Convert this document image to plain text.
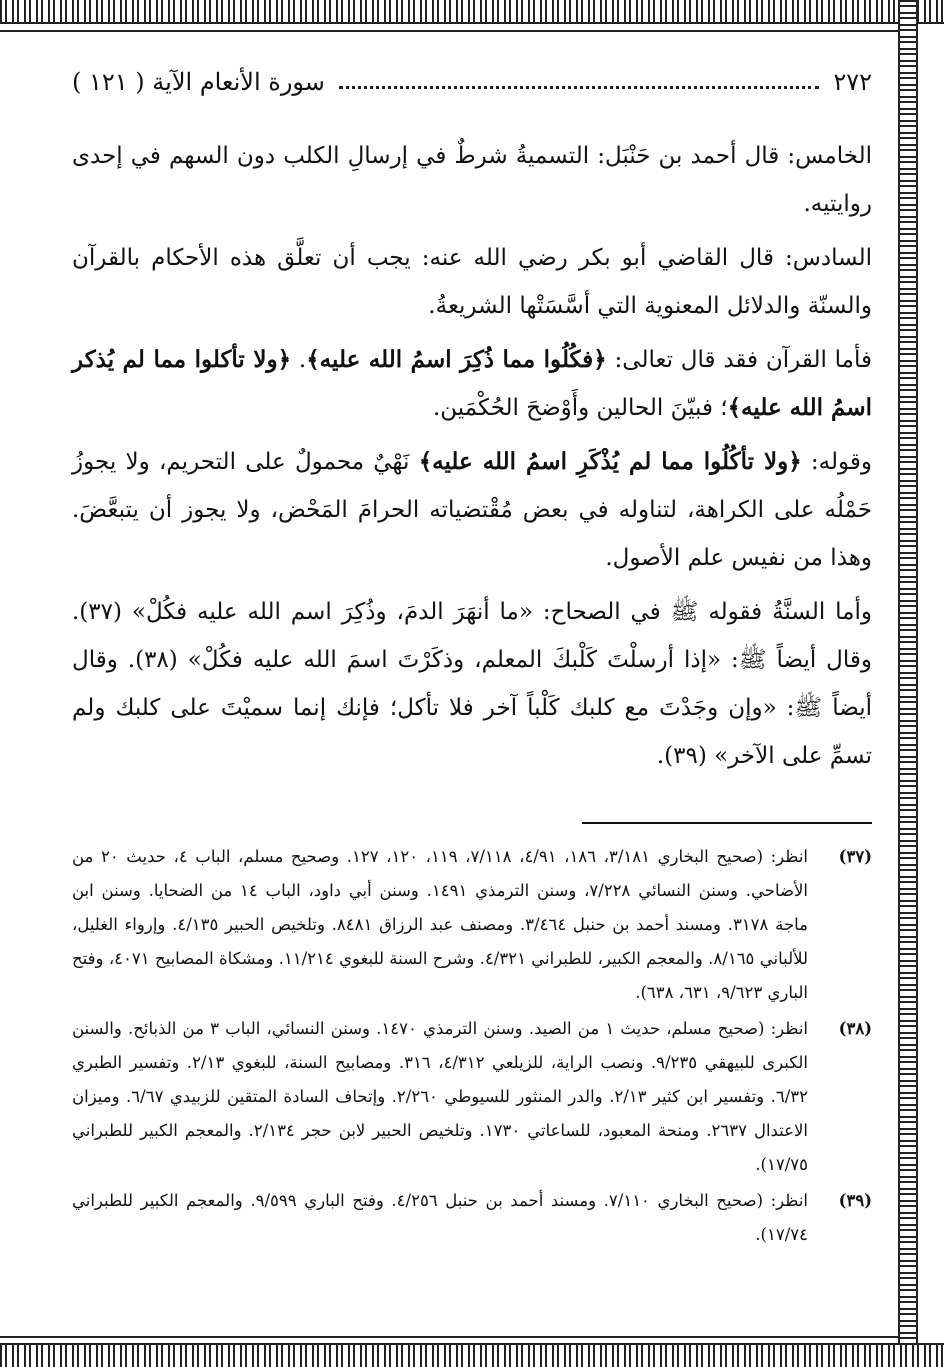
٢٧٢
سورة الأنعام الآية ( ١٢١ )

الخامس: قال أحمد بن حَنْبَل: التسميةُ شرطٌ في إرسالِ الكلب دون السهم في إحدى روايتيه.

السادس: قال القاضي أبو بكر رضي الله عنه: يجب أن تعلَّق هذه الأحكام بالقرآن والسنّة والدلائل المعنوية التي أسَّسَتْها الشريعةُ.

فأما القرآن فقد قال تعالى: ﴿فكُلُوا مما ذُكِرَ اسمُ الله عليه﴾. ﴿ولا تأكلوا مما لم يُذكر اسمُ الله عليه﴾؛ فبيّنَ الحالين وأَوْضحَ الحُكْمَين.

وقوله: ﴿ولا تأكُلُوا مما لم يُذْكَرِ اسمُ الله عليه﴾ نَهْيٌ محمولٌ على التحريم، ولا يجوزُ حَمْلُه على الكراهة، لتناوله في بعض مُقْتضياته الحرامَ المَحْض، ولا يجوز أن يتبعَّضَ. وهذا من نفيس علم الأصول.

وأما السنَّةُ فقوله ﷺ في الصحاح: «ما أنهَرَ الدمَ، وذُكِرَ اسم الله عليه فكُلْ» (٣٧). وقال أيضاً ﷺ: «إذا أرسلْتَ كَلْبكَ المعلم، وذكَرْتَ اسمَ الله عليه فكُلْ» (٣٨). وقال أيضاً ﷺ: «وإن وجَدْتَ مع كلبك كَلْباً آخر فلا تأكل؛ فإنك إنما سميْتَ على كلبك ولم تسمِّ على الآخر» (٣٩).

(٣٧)
انظر: (صحيح البخاري ٣/١٨١، ١٨٦، ٤/٩١، ٧/١١٨، ١١٩، ١٢٠، ١٢٧. وصحيح مسلم، الباب ٤، حديث ٢٠ من الأضاحي. وسنن النسائي ٧/٢٢٨، وسنن الترمذي ١٤٩١. وسنن أبي داود، الباب ١٤ من الضحايا. وسنن ابن ماجة ٣١٧٨. ومسند أحمد بن حنبل ٣/٤٦٤. ومصنف عبد الرزاق ٨٤٨١. وتلخيص الحبير ٤/١٣٥. وإرواء الغليل، للألباني ٨/١٦٥. والمعجم الكبير، للطبراني ٤/٣٢١. وشرح السنة للبغوي ١١/٢١٤. ومشكاة المصابيح ٤٠٧١، وفتح الباري ٩/٦٢٣، ٦٣١، ٦٣٨).
(٣٨)
انظر: (صحيح مسلم، حديث ١ من الصيد. وسنن الترمذي ١٤٧٠. وسنن النسائي، الباب ٣ من الذبائح. والسنن الكبرى للبيهقي ٩/٢٣٥. ونصب الراية، للزيلعي ٤/٣١٢، ٣١٦. ومصابيح السنة، للبغوي ٢/١٣. وتفسير الطبري ٦/٣٢. وتفسير ابن كثير ٢/١٣. والدر المنثور للسيوطي ٢/٢٦٠. وإتحاف السادة المتقين للزبيدي ٦/٦٧. وميزان الاعتدال ٢٦٣٧. ومنحة المعبود، للساعاتي ١٧٣٠. وتلخيص الحبير لابن حجر ٢/١٣٤. والمعجم الكبير للطبراني ١٧/٧٥).
(٣٩)
انظر: (صحيح البخاري ٧/١١٠. ومسند أحمد بن حنبل ٤/٢٥٦. وفتح الباري ٩/٥٩٩. والمعجم الكبير للطبراني ١٧/٧٤).
